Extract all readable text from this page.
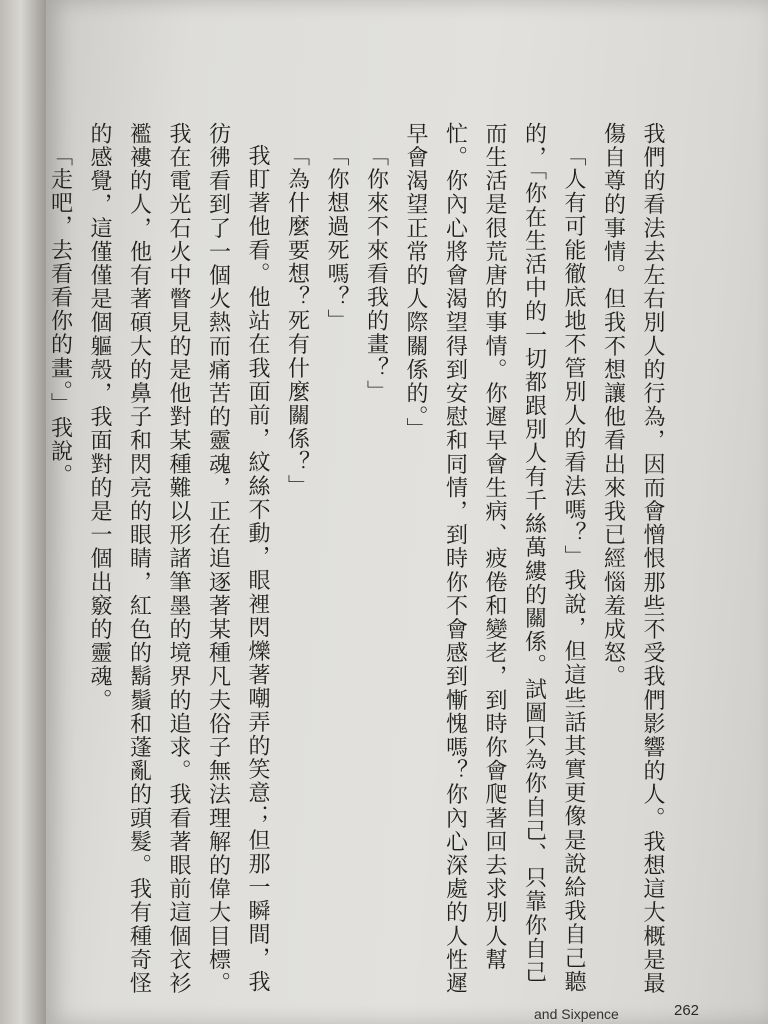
我們的看法去左右別人的行為，因而會憎恨那些不受我們影響的人。我想這大概是最傷自尊的事情。但我不想讓他看出來我已經惱羞成怒。

「人有可能徹底地不管別人的看法嗎？」我說，但這些話其實更像是說給我自己聽的，「你在生活中的一切都跟別人有千絲萬縷的關係。試圖只為你自己、只靠你自己而生活是很荒唐的事情。你遲早會生病、疲倦和變老，到時你會爬著回去求別人幫忙。你內心將會渴望得到安慰和同情，到時你不會感到慚愧嗎？你內心深處的人性遲早會渴望正常的人際關係的。」

「你來不來看我的畫？」

「你想過死嗎？」

「為什麼要想？死有什麼關係？」

我盯著他看。他站在我面前，紋絲不動，眼裡閃爍著嘲弄的笑意；但那一瞬間，我彷彿看到了一個火熱而痛苦的靈魂，正在追逐著某種凡夫俗子無法理解的偉大目標。我在電光石火中瞥見的是他對某種難以形諸筆墨的境界的追求。我看著眼前這個衣衫襤褸的人，他有著碩大的鼻子和閃亮的眼睛，紅色的鬍鬚和蓬亂的頭髮。我有種奇怪的感覺，這僅僅是個軀殼，我面對的是一個出竅的靈魂。

「走吧，去看看你的畫。」我說。

and Sixpence	262
